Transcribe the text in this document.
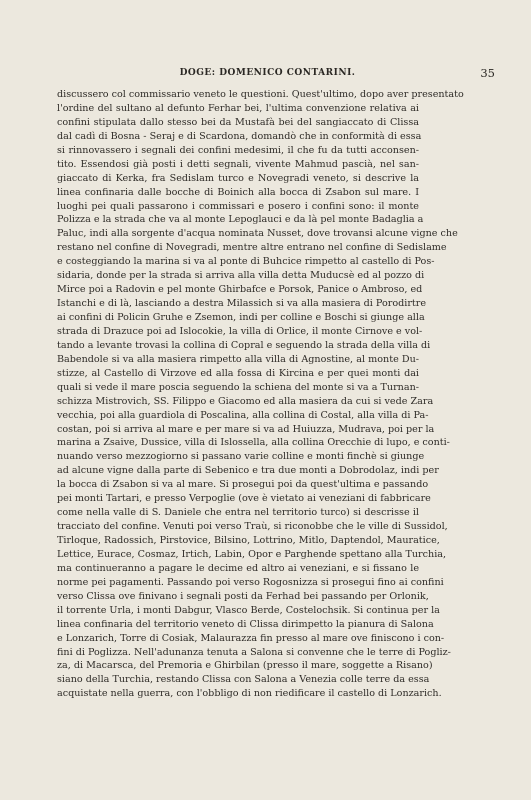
DOGE: DOMENICO CONTARINI.	35
discussero col commissario veneto le questioni. Quest'ultimo, dopo aver presentato
l'ordine del sultano al defunto Ferhar bei, l'ultima convenzione relativa ai
confini stipulata dallo stesso bei da Mustafà bei del sangiaccato di Clissa
dal cadì di Bosna - Seraj e di Scardona, domandò che in conformità di essa
si rinnovassero i segnali dei confini medesimi, il che fu da tutti acconsen-
tito. Essendosi già posti i detti segnali, vivente Mahmud pascià, nel san-
giaccato di Kerka, fra Sedislam turco e Novegradi veneto, si descrive la
linea confinaria dalle bocche di Boinich alla bocca di Zsabon sul mare. I
luoghi pei quali passarono i commissari e posero i confini sono: il monte
Polizza e la strada che va al monte Lepoglauci e da là pel monte Badaglia a
Paluc, indi alla sorgente d'acqua nominata Nusset, dove trovansi alcune vigne che
restano nel confine di Novegradi, mentre altre entrano nel confine di Sedislame
e costeggiando la marina si va al ponte di Buhcice rimpetto al castello di Pos-
sidaria, donde per la strada si arriva alla villa detta Muducsè ed al pozzo di
Mirce poi a Radovin e pel monte Ghirbafce e Porsok, Panice o Ambroso, ed
Istanchi e di là, lasciando a destra Milassich si va alla masiera di Porodirtre
ai confini di Policin Gruhe e Zsemon, indi per colline e Boschi si giunge alla
strada di Drazuce poi ad Islocokie, la villa di Orlice, il monte Cirnove e vol-
tando a levante trovasi la collina di Copral e seguendo la strada della villa di
Babendole si va alla masiera rimpetto alla villa di Agnostine, al monte Du-
stizze, al Castello di Virzove ed alla fossa di Kircina e per quei monti dai
quali si vede il mare poscia seguendo la schiena del monte si va a Turnan-
schizza Mistrovich, SS. Filippo e Giacomo ed alla masiera da cui si vede Zara
vecchia, poi alla guardiola di Poscalina, alla collina di Costal, alla villa di Pa-
costan, poi si arriva al mare e per mare si va ad Huiuzza, Mudrava, poi per la
marina a Zsaive, Dussice, villa di Islossella, alla collina Orecchie di lupo, e conti-
nuando verso mezzogiorno si passano varie colline e monti finchè si giunge
ad alcune vigne dalla parte di Sebenico e tra due monti a Dobrodolaz, indi per
la bocca di Zsabon si va al mare. Si prosegui poi da quest'ultima e passando
pei monti Tartari, e presso Verpoglie (ove è vietato ai veneziani di fabbricare
come nella valle di S. Daniele che entra nel territorio turco) si descrisse il
tracciato del confine. Venuti poi verso Traù, si riconobbe che le ville di Sussidol,
Tirloque, Radossich, Pirstovice, Bilsino, Lottrino, Mitlo, Daptendol, Mauratice,
Lettice, Eurace, Cosmaz, Irtich, Labin, Opor e Parghende spettano alla Turchia,
ma continueranno a pagare le decime ed altro ai veneziani, e si fissano le
norme pei pagamenti. Passando poi verso Rogosnizza si prosegui fino ai confini
verso Clissa ove finivano i segnali posti da Ferhad bei passando per Orlonik,
il torrente Urla, i monti Dabgur, Vlasco Berde, Costelochsik. Si continua per la
linea confinaria del territorio veneto di Clissa dirimpetto la pianura di Salona
e Lonzarich, Torre di Cosiak, Malaurazza fin presso al mare ove finiscono i con-
fini di Poglizza. Nell'adunanza tenuta a Salona si convenne che le terre di Pogliz-
za, di Macarsca, del Premoria e Ghirbilan (presso il mare, soggette a Risano)
siano della Turchia, restando Clissa con Salona a Venezia colle terre da essa
acquistate nella guerra, con l'obbligo di non riedificare il castello di Lonzarich.
